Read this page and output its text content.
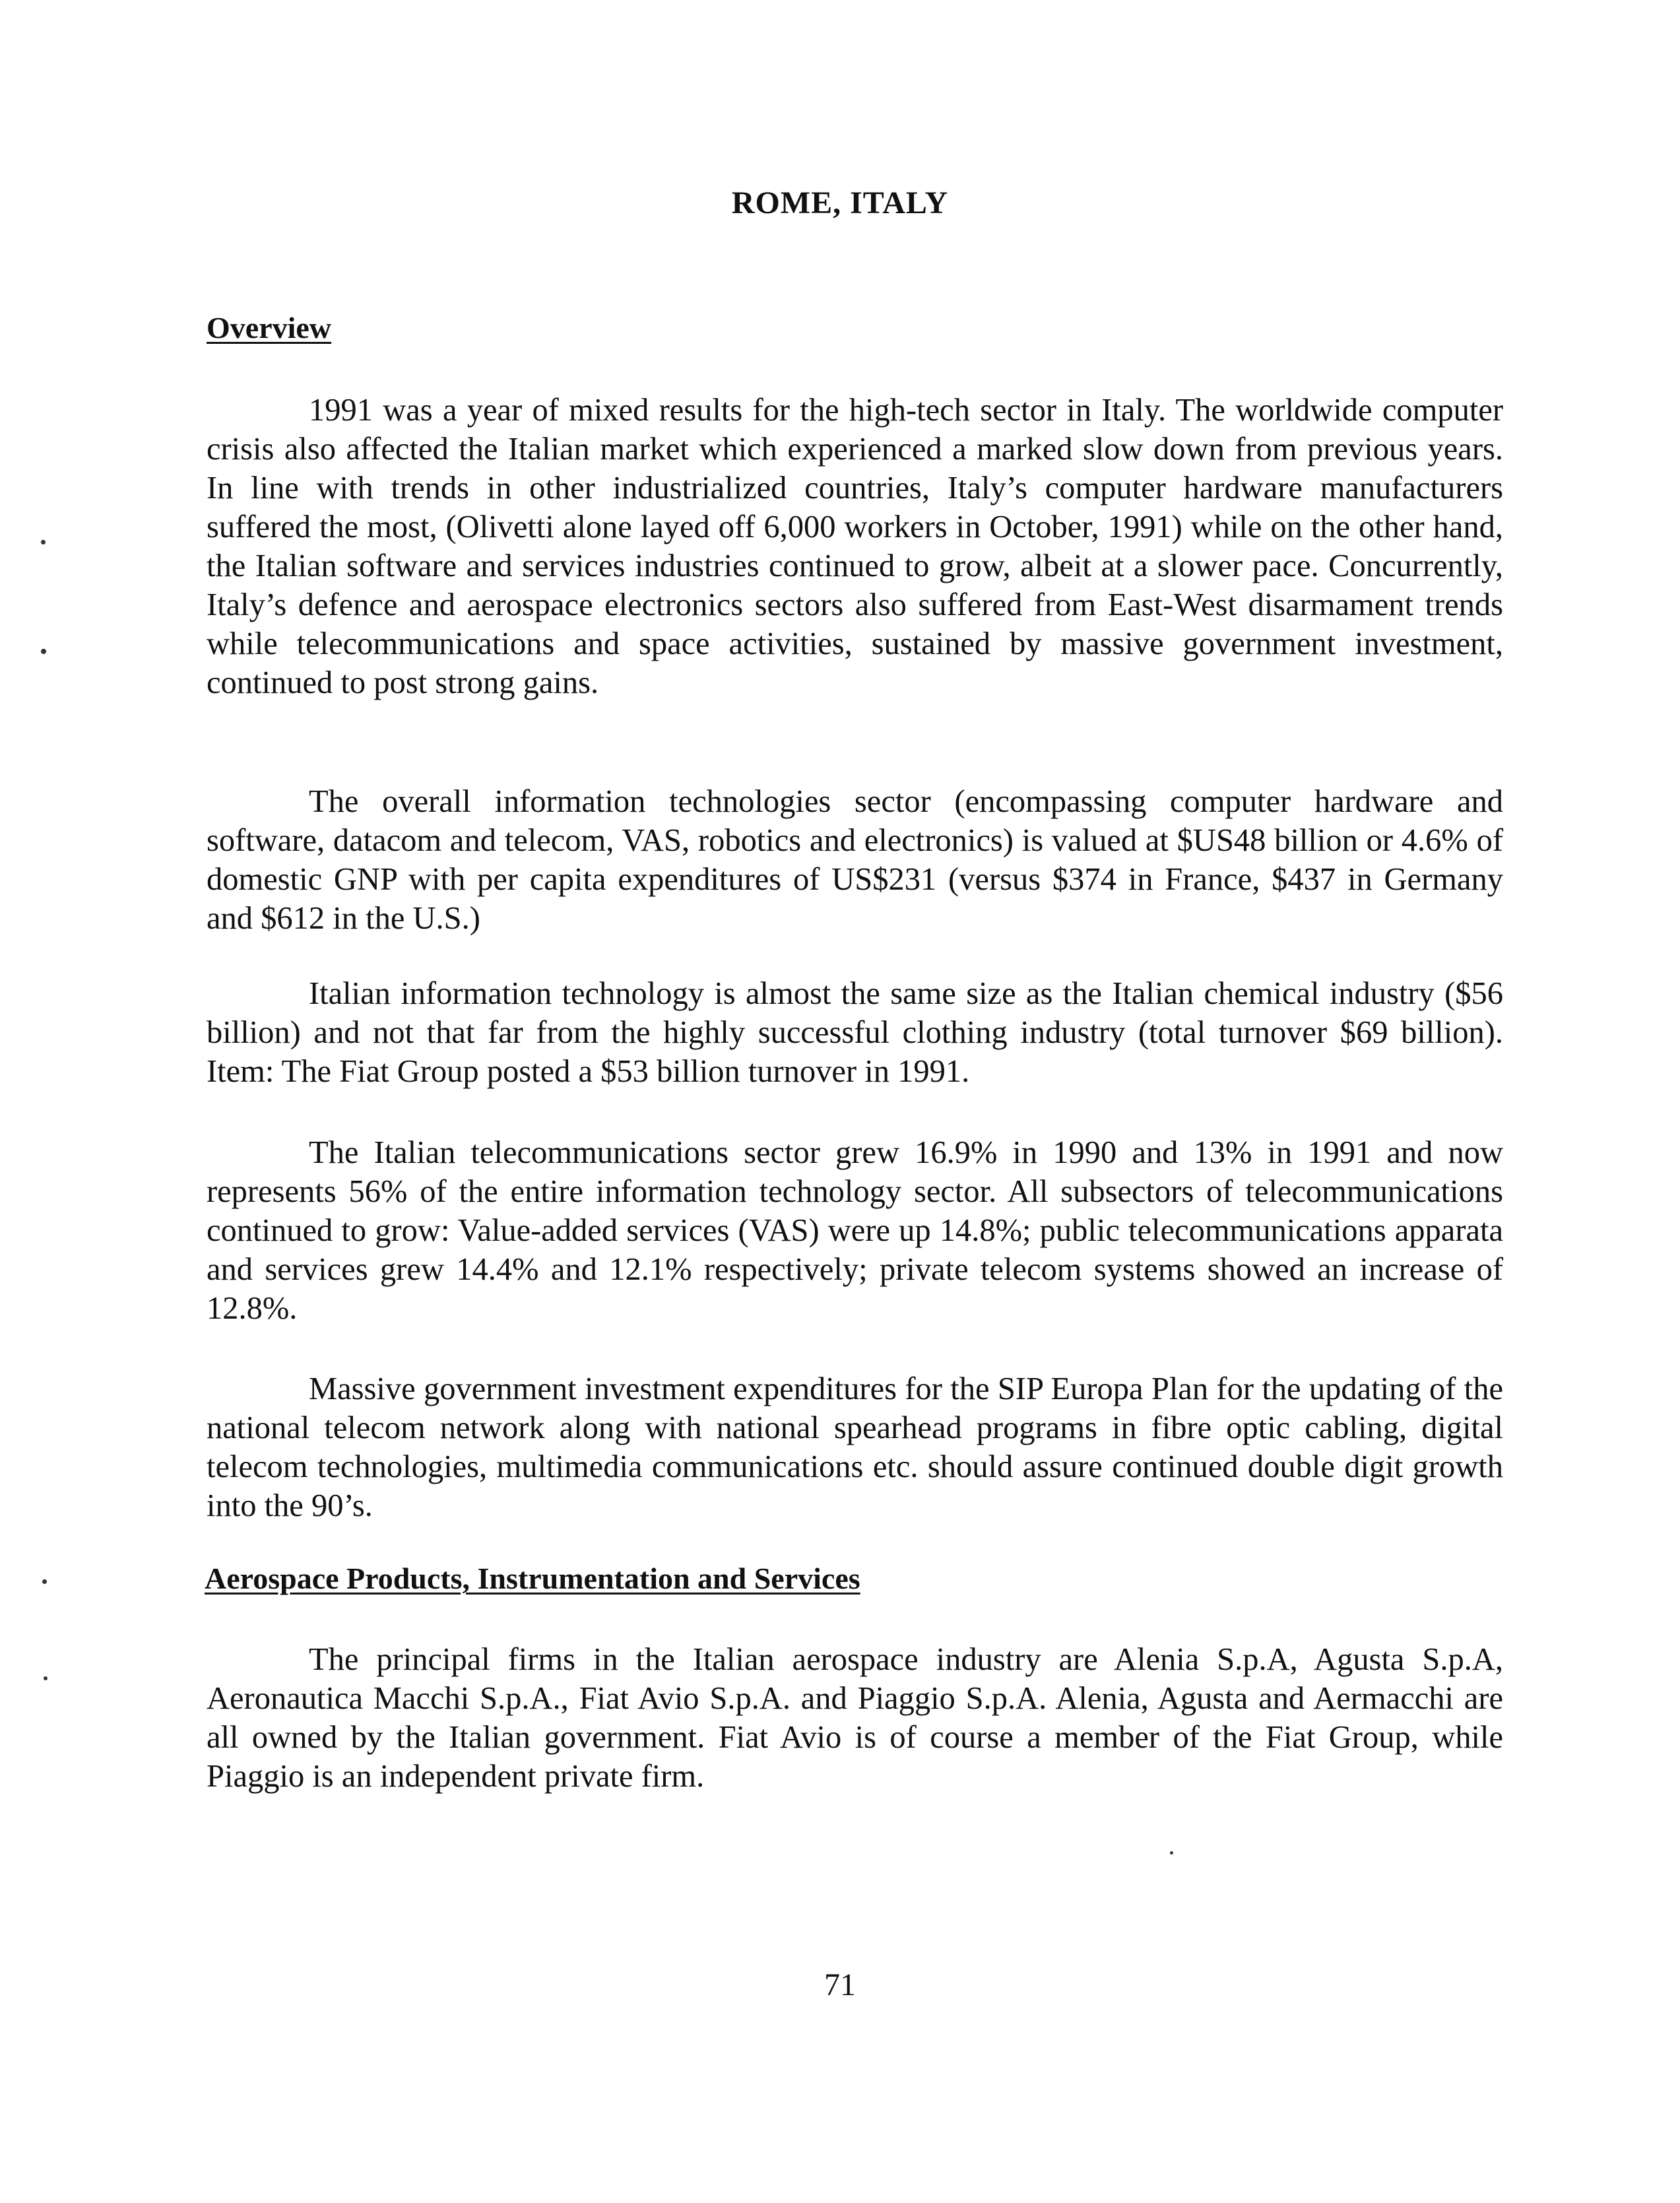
ROME, ITALY
Overview

1991 was a year of mixed results for the high-tech sector in Italy. The worldwide computer crisis also affected the Italian market which experienced a marked slow down from previous years. In line with trends in other industrialized countries, Italy’s computer hardware manufacturers suffered the most, (Olivetti alone layed off 6,000 workers in October, 1991) while on the other hand, the Italian software and services industries continued to grow, albeit at a slower pace. Concurrently, Italy’s defence and aerospace electronics sectors also suffered from East-West disarmament trends while telecommunications and space activities, sustained by massive government investment, continued to post strong gains.

The overall information technologies sector (encompassing computer hardware and software, datacom and telecom, VAS, robotics and electronics) is valued at $US48 billion or 4.6% of domestic GNP with per capita expenditures of US$231 (versus $374 in France, $437 in Germany and $612 in the U.S.)

Italian information technology is almost the same size as the Italian chemical industry ($56 billion) and not that far from the highly successful clothing industry (total turnover $69 billion). Item: The Fiat Group posted a $53 billion turnover in 1991.

The Italian telecommunications sector grew 16.9% in 1990 and 13% in 1991 and now represents 56% of the entire information technology sector. All subsectors of telecommunications continued to grow: Value-added services (VAS) were up 14.8%; public telecommunications apparata and services grew 14.4% and 12.1% respectively; private telecom systems showed an increase of 12.8%.

Massive government investment expenditures for the SIP Europa Plan for the updating of the national telecom network along with national spearhead programs in fibre optic cabling, digital telecom technologies, multimedia communications etc. should assure continued double digit growth into the 90’s.

Aerospace Products, Instrumentation and Services

The principal firms in the Italian aerospace industry are Alenia S.p.A, Agusta S.p.A, Aeronautica Macchi S.p.A., Fiat Avio S.p.A. and Piaggio S.p.A. Alenia, Agusta and Aermacchi are all owned by the Italian government. Fiat Avio is of course a member of the Fiat Group, while Piaggio is an independent private firm.

71
